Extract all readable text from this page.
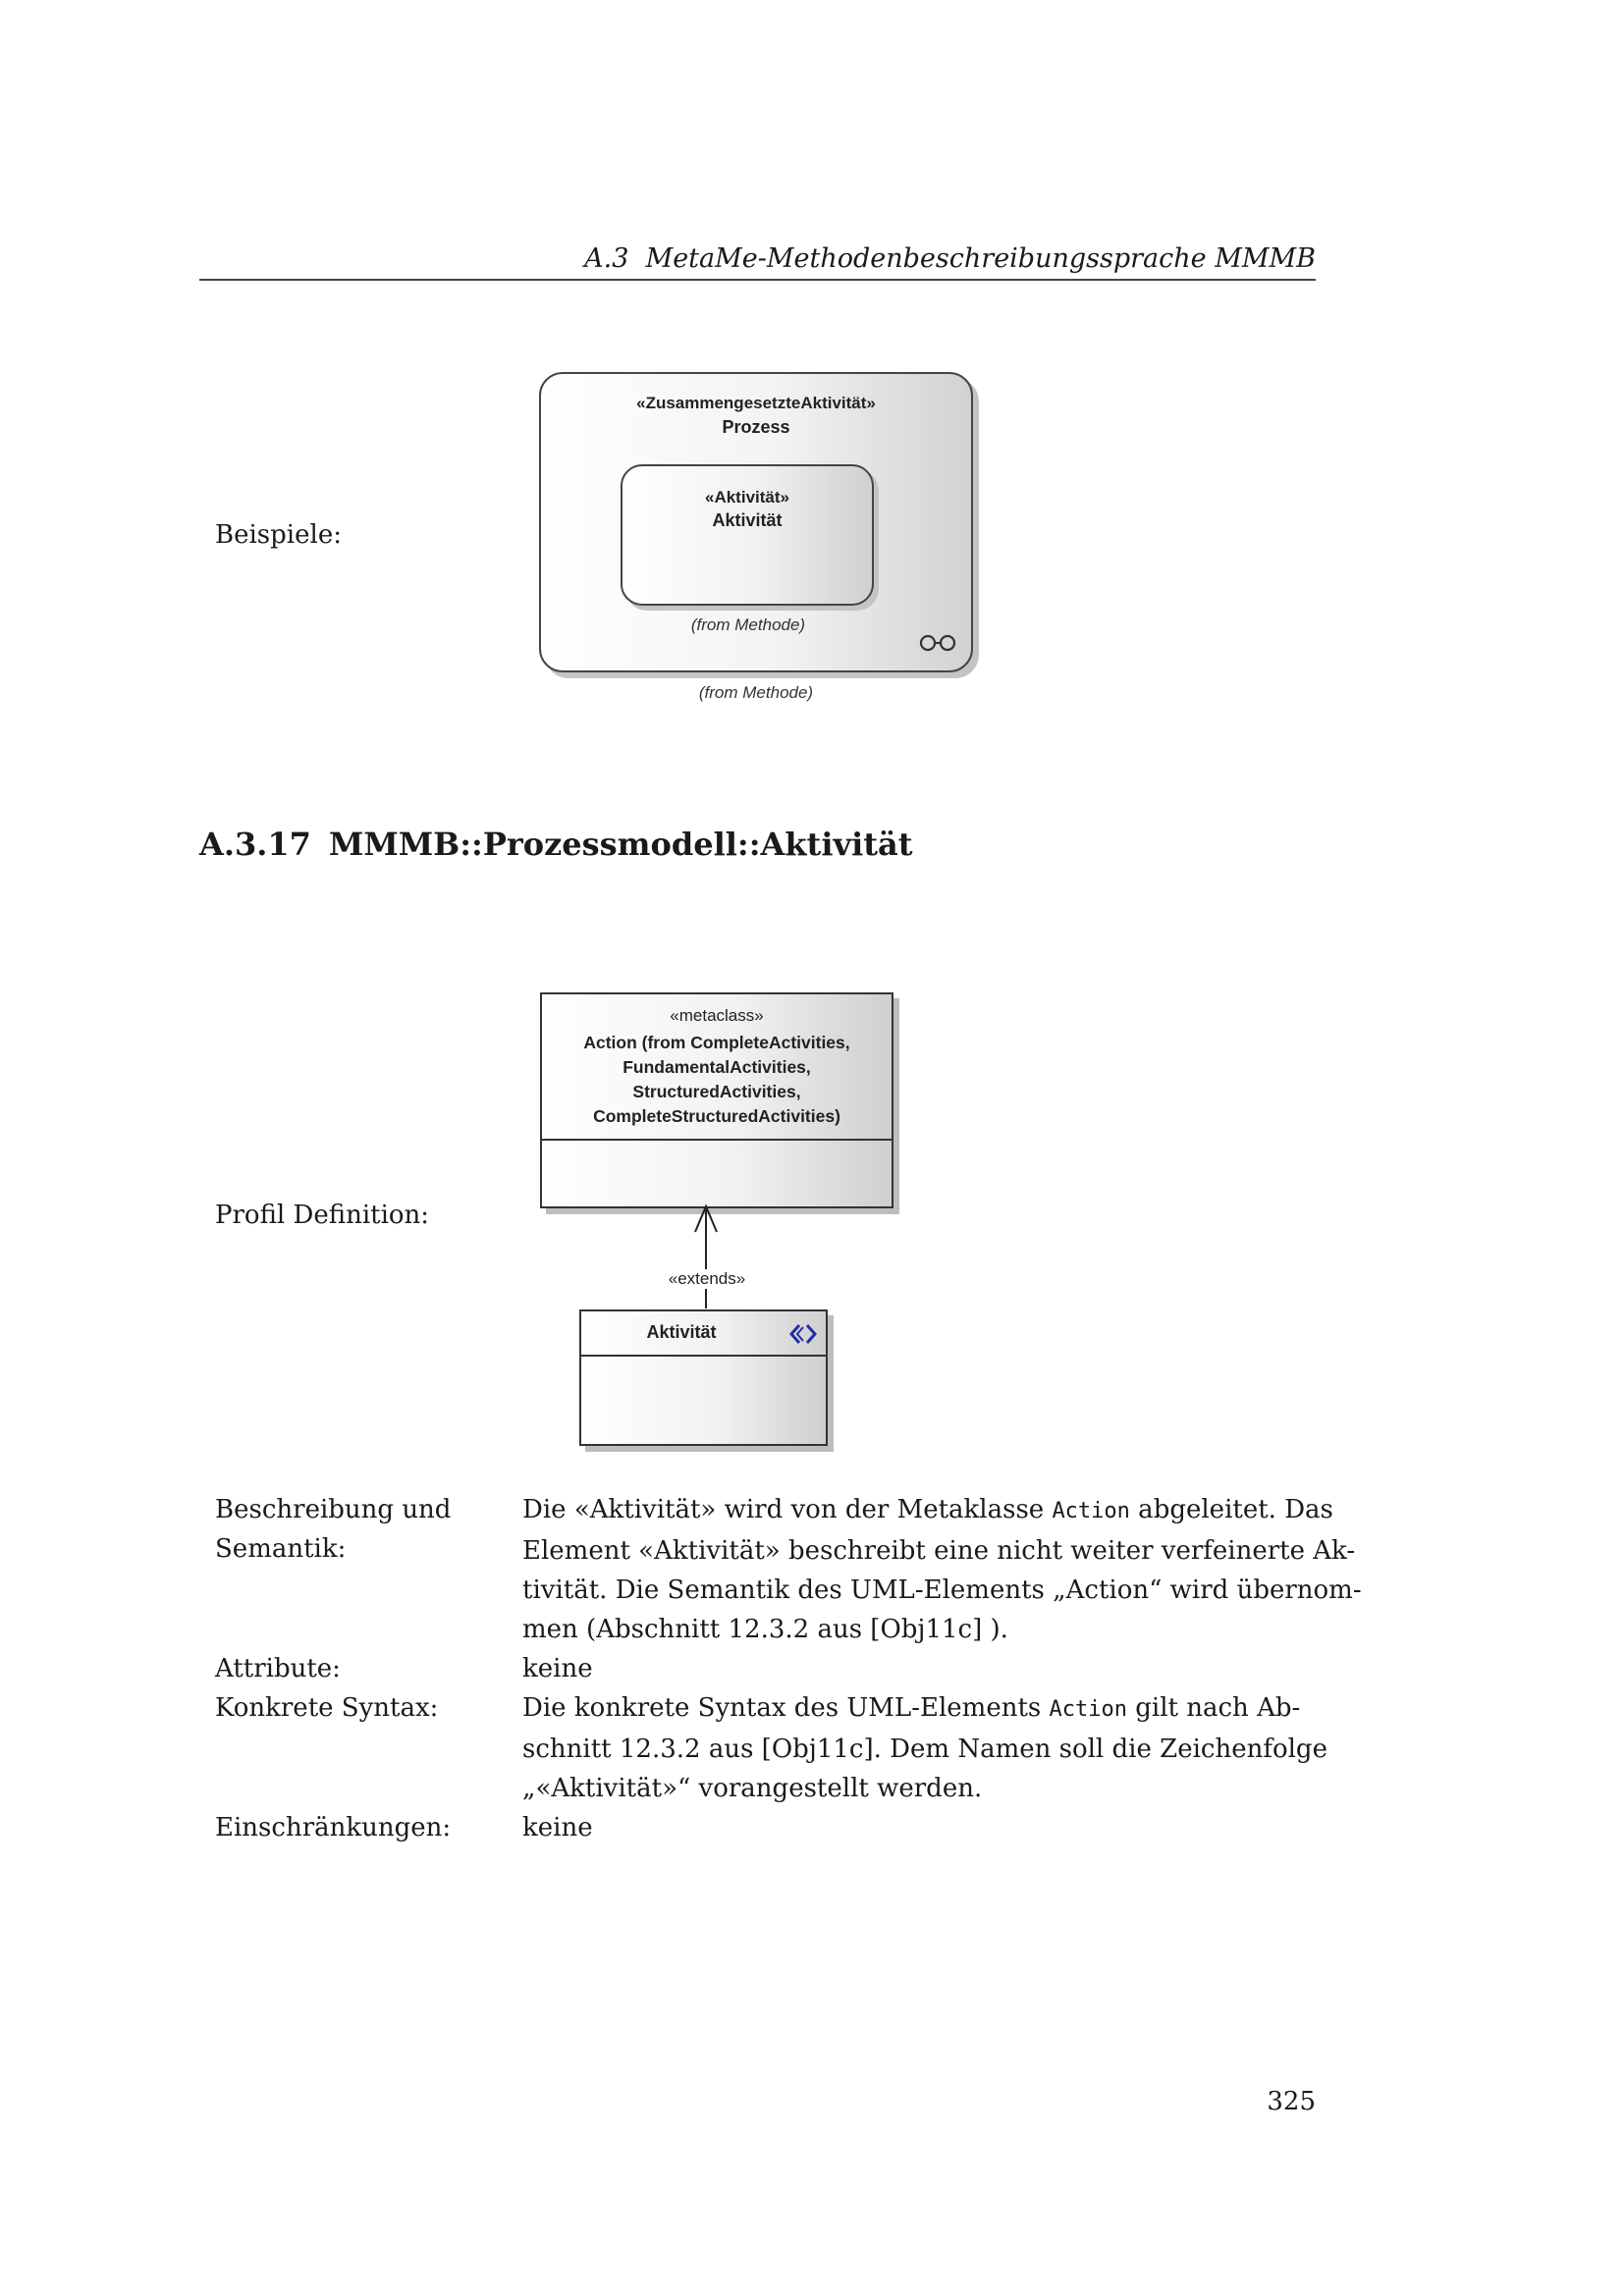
A.3 MetaMe-Methodenbeschreibungssprache MMMB
Beispiele:
«ZusammengesetzteAktivität»
Prozess
«Aktivität»
Aktivität
(from Methode)
(from Methode)
A.3.17 MMMB::Prozessmodell::Aktivität
Profil Definition:
«metaclass»
Action (from CompleteActivities,
FundamentalActivities,
StructuredActivities,
CompleteStructuredActivities)
«extends»
Aktivität
Beschreibung und
Semantik:
Die «Aktivität» wird von der Metaklasse Action abgeleitet. Das
Element «Aktivität» beschreibt eine nicht weiter verfeinerte Ak-
tivität. Die Semantik des UML-Elements „Action“ wird übernom-
men (Abschnitt 12.3.2 aus [Obj11c] ).
Attribute:	keine
Konkrete Syntax:	Die konkrete Syntax des UML-Elements Action gilt nach Ab-
schnitt 12.3.2 aus [Obj11c]. Dem Namen soll die Zeichenfolge
„«Aktivität»“ vorangestellt werden.
Einschränkungen:	keine
325
